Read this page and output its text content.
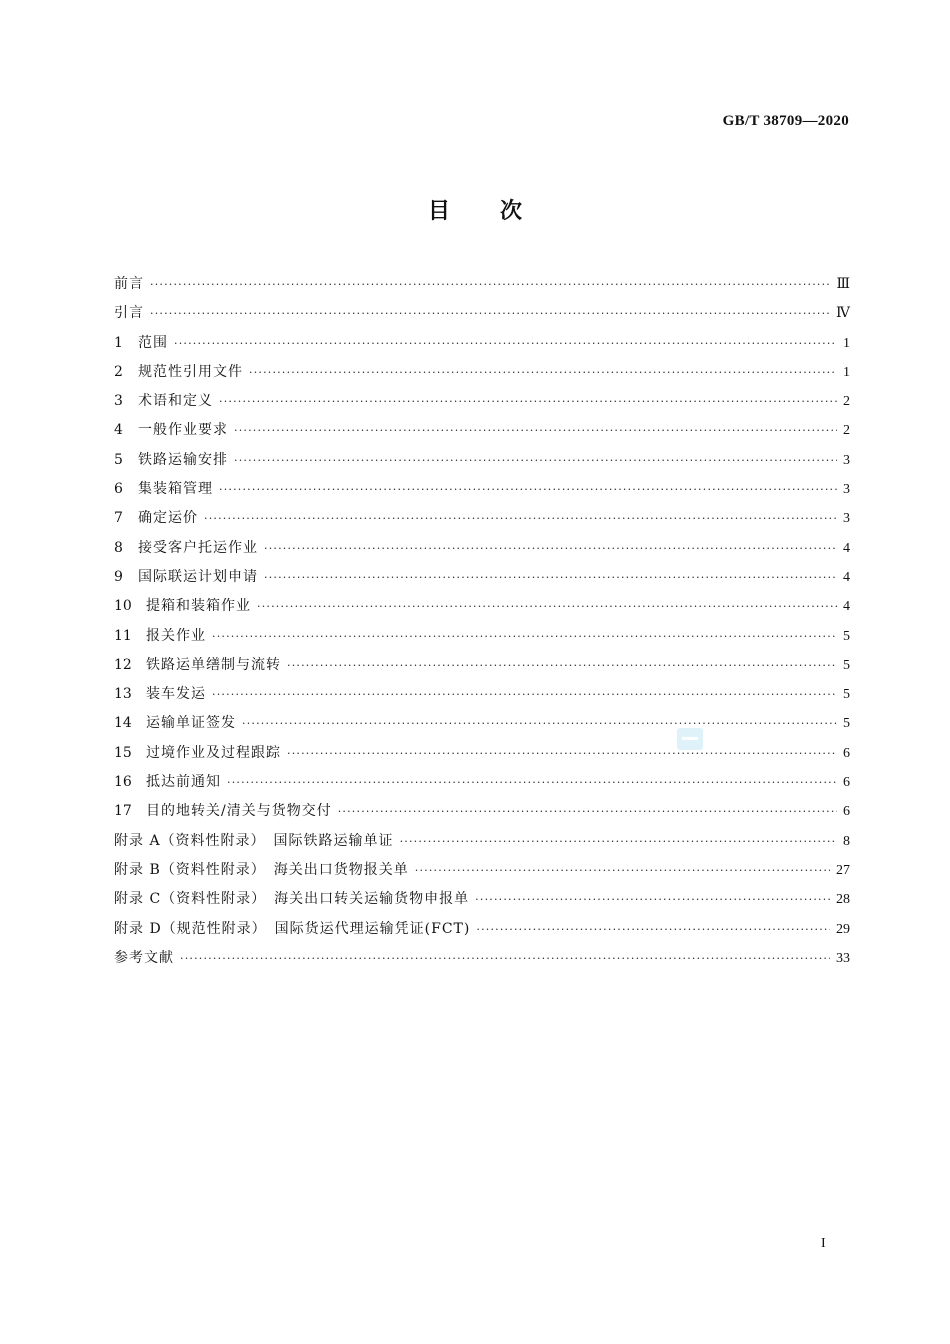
GB/T 38709—2020
目 次
前言 ·····	Ⅲ
引言 ·····	Ⅳ
1 范围 ·····	1
2 规范性引用文件 ·····	1
3 术语和定义 ·····	2
4 一般作业要求 ·····	2
5 铁路运输安排 ·····	3
6 集装箱管理 ·····	3
7 确定运价 ·····	3
8 接受客户托运作业 ·····	4
9 国际联运计划申请 ·····	4
10 提箱和装箱作业 ·····	4
11 报关作业 ·····	5
12 铁路运单缮制与流转 ·····	5
13 装车发运 ·····	5
14 运输单证签发 ·····	5
15 过境作业及过程跟踪 ·····	6
16 抵达前通知 ·····	6
17 目的地转关/清关与货物交付 ·····	6
附录 A（资料性附录）　国际铁路运输单证 ·····	8
附录 B（资料性附录）　海关出口货物报关单 ·····	27
附录 C（资料性附录）　海关出口转关运输货物申报单 ·····	28
附录 D（规范性附录）　国际货运代理运输凭证(FCT) ·····	29
参考文献 ·····	33
I
